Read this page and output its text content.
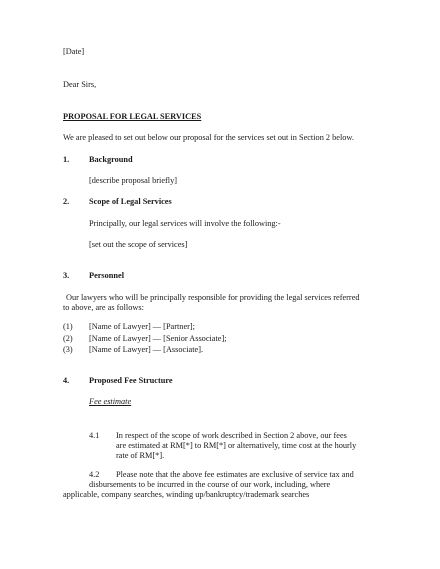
[Date]
Dear Sirs,
PROPOSAL FOR LEGAL SERVICES
We are pleased to set out below our proposal for the services set out in Section 2 below.
1. Background
[describe proposal briefly]
2. Scope of Legal Services
Principally, our legal services will involve the following:-
[set out the scope of services]
3. Personnel
Our lawyers who will be principally responsible for providing the legal services referred
to above, are as follows:
(1) [Name of Lawyer] — [Partner];
(2) [Name of Lawyer] — [Senior Associate];
(3) [Name of Lawyer] — [Associate].
4. Proposed Fee Structure
Fee estimate
4.1 In respect of the scope of work described in Section 2 above, our fees
are estimated at RM[*] to RM[*] or alternatively, time cost at the hourly
rate of RM[*].
4.2 Please note that the above fee estimates are exclusive of service tax and
disbursements to be incurred in the course of our work, including, where
applicable, company searches, winding up/bankruptcy/trademark searches
